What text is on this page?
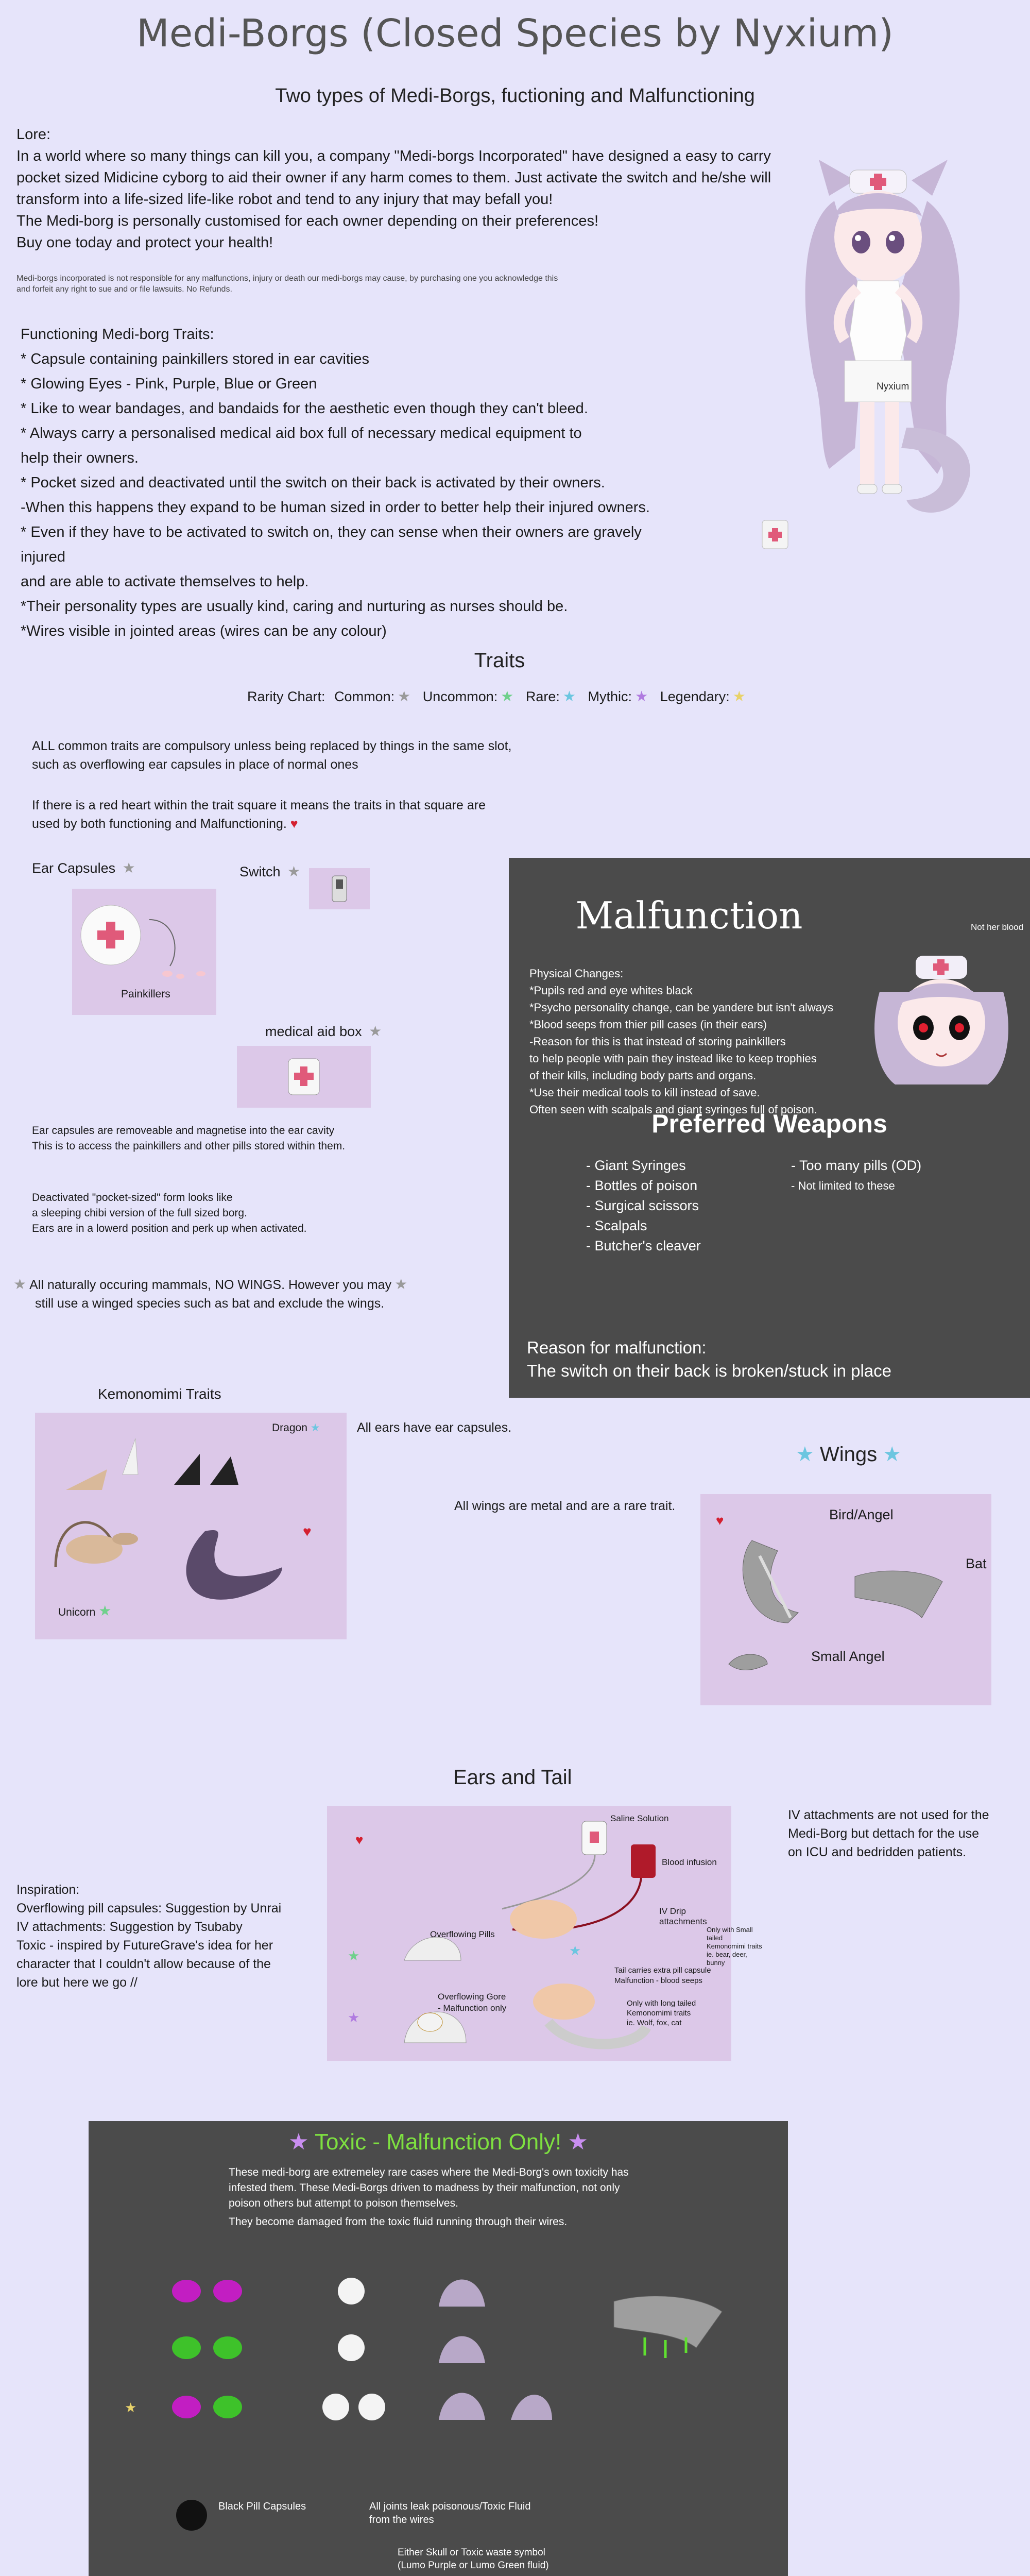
Medi-Borgs (Closed Species by Nyxium)
Two types of Medi-Borgs, fuctioning and Malfunctioning

Lore:

In a world where so many things can kill you, a company "Medi-borgs Incorporated" have designed a easy to carry

pocket sized Midicine cyborg to aid their owner if any harm comes to them. Just activate the switch and he/she will

transform into a life-sized life-like robot and tend to any injury that may befall you!

The Medi-borg is personally customised for each owner depending on their preferences!

Buy one today and protect your health!

Medi-borgs incorporated is not responsible for any malfunctions, injury or death our medi-borgs may cause, by purchasing one you acknowledge this
and forfeit any right to sue and or file lawsuits. No Refunds.
Functioning Medi-borg Traits:
* Capsule containing painkillers stored in ear cavities
* Glowing Eyes - Pink, Purple, Blue or Green
* Like to wear bandages, and bandaids for the aesthetic even though they can't bleed.
* Always carry a personalised medical aid box full of necessary medical equipment to
help their owners.
* Pocket sized and deactivated until the switch on their back is activated by their owners.
-When this happens they expand to be human sized in order to better help their injured owners.
* Even if they have to be activated to switch on, they can sense when their owners are gravely injured
and are able to activate themselves to help.
*Their personality types are usually kind, caring and nurturing as nurses should be.
*Wires visible in jointed areas (wires can be any colour)
Nyxium
Traits
Rarity Chart: Common: ★ Uncommon: ★ Rare: ★ Mythic: ★ Legendary: ★
ALL common traits are compulsory unless being replaced by things in the same slot,
such as overflowing ear capsules in place of normal ones
If there is a red heart within the trait square it means the traits in that square are
used by both functioning and Malfunctioning. ♥
Ear Capsules ★
Painkillers
Switch ★
medical aid box ★
Ear capsules are removeable and magnetise into the ear cavity
This is to access the painkillers and other pills stored within them.
Deactivated "pocket-sized" form looks like
a sleeping chibi version of the full sized borg.
Ears are in a lowerd position and perk up when activated.
★ All naturally occuring mammals, NO WINGS. However you may ★
still use a winged species such as bat and exclude the wings.
Malfunction	Not her blood
Physical Changes:
*Pupils red and eye whites black
*Psycho personality change, can be yandere but isn't always
*Blood seeps from thier pill cases (in their ears)
-Reason for this is that instead of storing painkillers
to help people with pain they instead like to keep trophies
of their kills, including body parts and organs.
*Use their medical tools to kill instead of save.
Often seen with scalpals and giant syringes full of poison.
Preferred Weapons
- Giant Syringes
- Bottles of poison
- Surgical scissors
- Scalpals
- Butcher's cleaver
- Too many pills (OD)
- Not limited to these
Reason for malfunction:
The switch on their back is broken/stuck in place
Kemonomimi Traits
♥
Dragon ★
Unicorn ★
All ears have ear capsules.
★ Wings ★
All wings are metal and are a rare trait.
♥	Bird/Angel
Bat
Small Angel
Ears and Tail
♥
★
★
★
Saline Solution
Blood infusion
IV Drip attachments
Only with Small tailed
Kemonomimi traits
ie. bear, deer, bunny
Overflowing Pills
Tail carries extra pill capsule
Malfunction - blood seeps
Overflowing Gore
- Malfunction only	Only with long tailed
Kemonomimi traits
ie. Wolf, fox, cat
IV attachments are not used for the
Medi-Borg but dettach for the use
on ICU and bedridden patients.
Inspiration:
Overflowing pill capsules: Suggestion by Unrai
IV attachments: Suggestion by Tsubaby
Toxic - inspired by FutureGrave's idea for her
character that I couldn't allow because of the
lore but here we go //
★ Toxic - Malfunction Only! ★
These medi-borg are extremeley rare cases where the Medi-Borg's own toxicity has
infested them. These Medi-Borgs driven to madness by their malfunction, not only
poison others but attempt to poison themselves.
They become damaged from the toxic fluid running through their wires.
★
Black Pill Capsules	All joints leak poisonous/Toxic Fluid
from the wires
Either Skull or Toxic waste symbol
(Lumo Purple or Lumo Green fluid)
